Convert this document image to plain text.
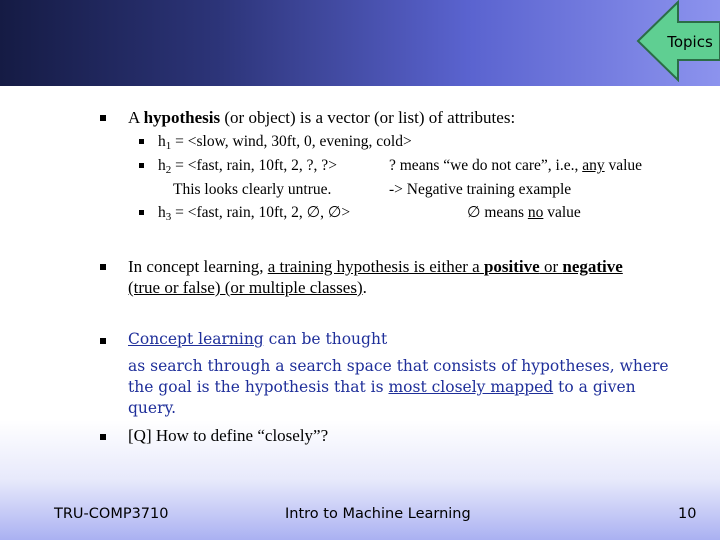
Topics
A hypothesis (or object) is a vector (or list) of attributes:
$h_1$ = <slow, wind, 30ft, 0, evening, cold>
$h_2$ = <fast, rain, 10ft, 2, ?, ?>	? means “we do not care”, i.e., any value
This looks clearly untrue.	-> Negative training example
$h_3$ = <fast, rain, 10ft, 2, ∅, ∅>	∅ means no value
In concept learning, a training hypothesis is either a positive or negative
(true or false) (or multiple classes).
Concept learning can be thought
as search through a search space that consists of hypotheses, where
the goal is the hypothesis that is most closely mapped to a given
query.
[Q] How to define “closely”?
TRU-COMP3710	Intro to Machine Learning	10
